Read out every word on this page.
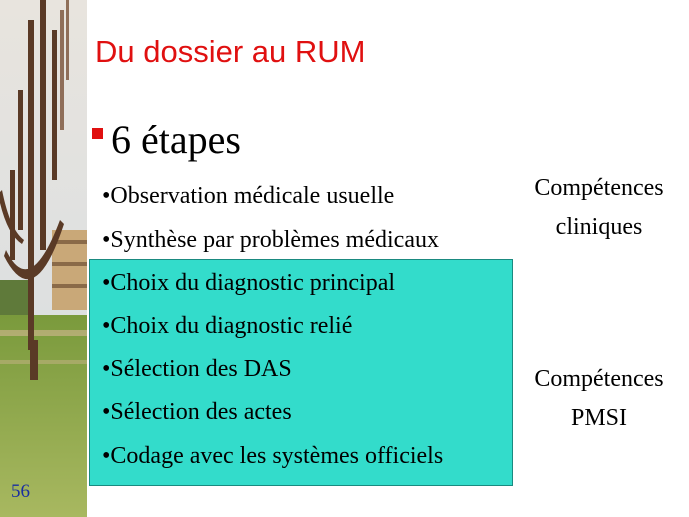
Du dossier au RUM
6 étapes
•Observation médicale usuelle
•Synthèse par problèmes médicaux
•Choix du diagnostic principal
•Choix du diagnostic relié
•Sélection des DAS
•Sélection des actes
•Codage avec les systèmes officiels
Compétences
cliniques
Compétences
PMSI
56
